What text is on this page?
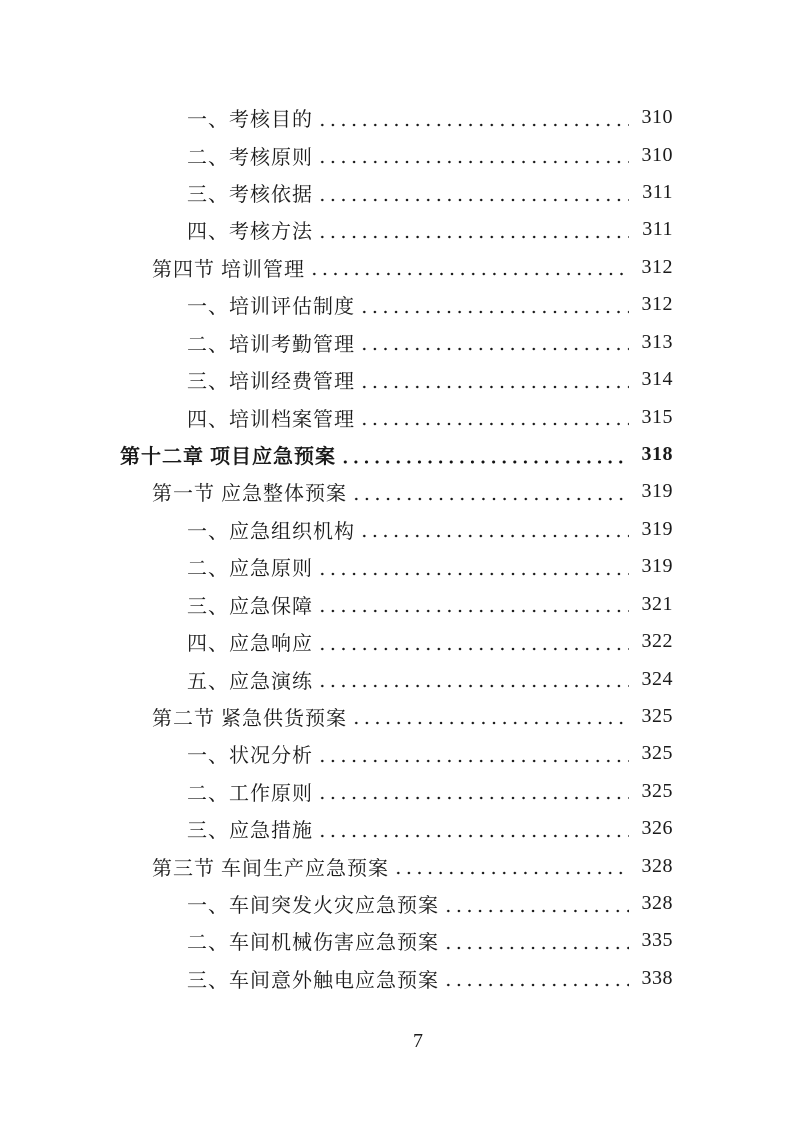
一、考核目的	310
二、考核原则	310
三、考核依据	311
四、考核方法	311
第四节 培训管理	312
一、培训评估制度	312
二、培训考勤管理	313
三、培训经费管理	314
四、培训档案管理	315
第十二章 项目应急预案	318
第一节 应急整体预案	319
一、应急组织机构	319
二、应急原则	319
三、应急保障	321
四、应急响应	322
五、应急演练	324
第二节 紧急供货预案	325
一、状况分析	325
二、工作原则	325
三、应急措施	326
第三节 车间生产应急预案	328
一、车间突发火灾应急预案	328
二、车间机械伤害应急预案	335
三、车间意外触电应急预案	338
7
